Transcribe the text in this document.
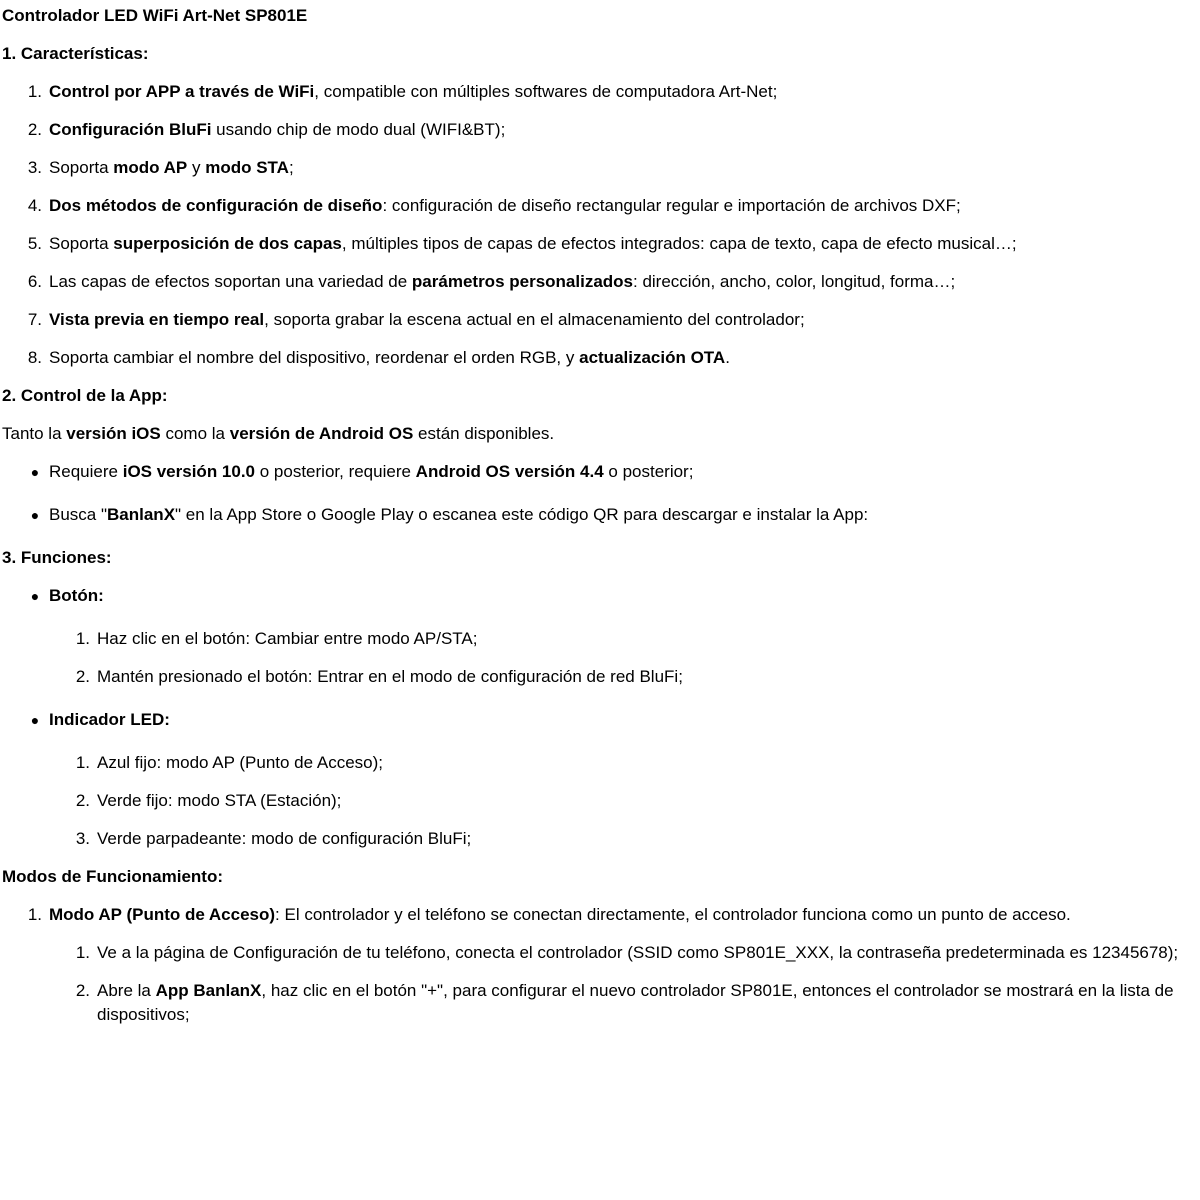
Controlador LED WiFi Art-Net SP801E

1. Características:

1. Control por APP a través de WiFi, compatible con múltiples softwares de computadora Art-Net;
2. Configuración BluFi usando chip de modo dual (WIFI&BT);
3. Soporta modo AP y modo STA;
4. Dos métodos de configuración de diseño: configuración de diseño rectangular regular e importación de archivos DXF;
5. Soporta superposición de dos capas, múltiples tipos de capas de efectos integrados: capa de texto, capa de efecto musical…;
6. Las capas de efectos soportan una variedad de parámetros personalizados: dirección, ancho, color, longitud, forma…;
7. Vista previa en tiempo real, soporta grabar la escena actual en el almacenamiento del controlador;
8. Soporta cambiar el nombre del dispositivo, reordenar el orden RGB, y actualización OTA.

2. Control de la App:

Tanto la versión iOS como la versión de Android OS están disponibles.

● Requiere iOS versión 10.0 o posterior, requiere Android OS versión 4.4 o posterior;
● Busca "BanlanX" en la App Store o Google Play o escanea este código QR para descargar e instalar la App:

3. Funciones:

● Botón:
1. Haz clic en el botón: Cambiar entre modo AP/STA;
2. Mantén presionado el botón: Entrar en el modo de configuración de red BluFi;
● Indicador LED:
1. Azul fijo: modo AP (Punto de Acceso);
2. Verde fijo: modo STA (Estación);
3. Verde parpadeante: modo de configuración BluFi;

Modos de Funcionamiento:

1. Modo AP (Punto de Acceso): El controlador y el teléfono se conectan directamente, el controlador funciona como un punto de acceso.
1. Ve a la página de Configuración de tu teléfono, conecta el controlador (SSID como SP801E_XXX, la contraseña predeterminada es 12345678);
2. Abre la App BanlanX, haz clic en el botón "+", para configurar el nuevo controlador SP801E, entonces el controlador se mostrará en la lista de dispositivos;
